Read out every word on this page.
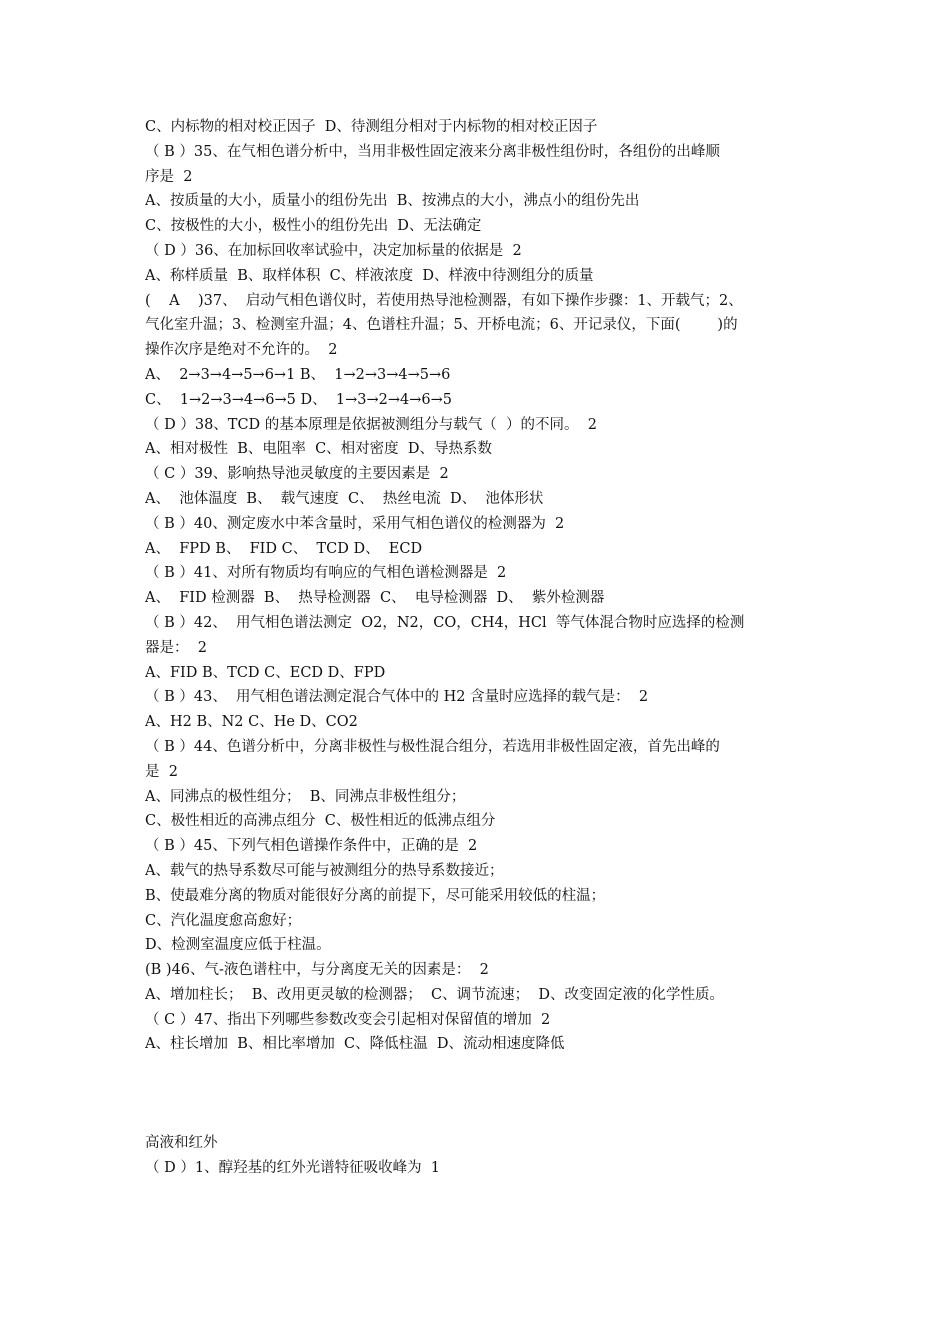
C、内标物的相对校正因子  D、待测组分相对于内标物的相对校正因子
（ B ）35、在气相色谱分析中，当用非极性固定液来分离非极性组份时，各组份的出峰顺
序是  2
A、按质量的大小，质量小的组份先出  B、按沸点的大小，沸点小的组份先出
C、按极性的大小，极性小的组份先出  D、无法确定
（ D ）36、在加标回收率试验中，决定加标量的依据是  2
A、称样质量  B、取样体积  C、样液浓度  D、样液中待测组分的质量
(    A    )37、  启动气相色谱仪时，若使用热导池检测器，有如下操作步骤：1、开载气；2、
气化室升温；3、检测室升温；4、色谱柱升温；5、开桥电流；6、开记录仪，下面(        )的
操作次序是绝对不允许的。  2
A、  2→3→4→5→6→1 B、  1→2→3→4→5→6
C、  1→2→3→4→6→5 D、  1→3→2→4→6→5
（ D ）38、TCD 的基本原理是依据被测组分与载气（  ）的不同。  2
A、相对极性  B、电阻率  C、相对密度  D、导热系数
（ C ）39、影响热导池灵敏度的主要因素是  2
A、  池体温度  B、  载气速度  C、  热丝电流  D、  池体形状
（ B ）40、测定废水中苯含量时，采用气相色谱仪的检测器为  2
A、  FPD B、  FID C、  TCD D、  ECD
（ B ）41、对所有物质均有响应的气相色谱检测器是  2
A、  FID 检测器  B、  热导检测器  C、  电导检测器  D、  紫外检测器
（ B ）42、  用气相色谱法测定  O2，N2，CO，CH4，HCl  等气体混合物时应选择的检测
器是：  2
A、FID B、TCD C、ECD D、FPD
（ B ）43、  用气相色谱法测定混合气体中的 H2 含量时应选择的载气是：  2
A、H2 B、N2 C、He D、CO2
（ B ）44、色谱分析中，分离非极性与极性混合组分，若选用非极性固定液，首先出峰的
是  2
A、同沸点的极性组分；  B、同沸点非极性组分；
C、极性相近的高沸点组分  C、极性相近的低沸点组分
（ B ）45、下列气相色谱操作条件中，正确的是  2
A、载气的热导系数尽可能与被测组分的热导系数接近；
B、使最难分离的物质对能很好分离的前提下，尽可能采用较低的柱温；
C、汽化温度愈高愈好；
D、检测室温度应低于柱温。
(B )46、气-液色谱柱中，与分离度无关的因素是：  2
A、增加柱长；  B、改用更灵敏的检测器；  C、调节流速；  D、改变固定液的化学性质。
（ C ）47、指出下列哪些参数改变会引起相对保留值的增加  2
A、柱长增加  B、相比率增加  C、降低柱温  D、流动相速度降低
高液和红外
（ D ）1、醇羟基的红外光谱特征吸收峰为  1
